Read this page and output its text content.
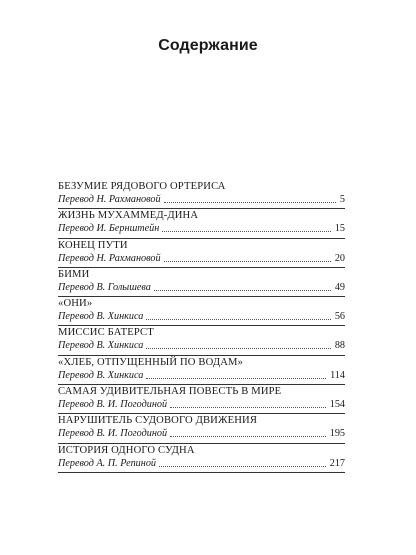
Содержание
БЕЗУМИЕ РЯДОВОГО ОРТЕРИСА
Перевод Н. Рахмановой	5
ЖИЗНЬ МУХАММЕД-ДИНА
Перевод И. Бернштейн	15
КОНЕЦ ПУТИ
Перевод Н. Рахмановой	20
БИМИ
Перевод В. Голышева	49
«ОНИ»
Перевод В. Хинкиса	56
МИССИС БАТЕРСТ
Перевод В. Хинкиса	88
«ХЛЕБ, ОТПУЩЕННЫЙ ПО ВОДАМ»
Перевод В. Хинкиса	114
САМАЯ УДИВИТЕЛЬНАЯ ПОВЕСТЬ В МИРЕ
Перевод В. И. Погодиной	154
НАРУШИТЕЛЬ СУДОВОГО ДВИЖЕНИЯ
Перевод В. И. Погодиной	195
ИСТОРИЯ ОДНОГО СУДНА
Перевод А. П. Репиной	217
